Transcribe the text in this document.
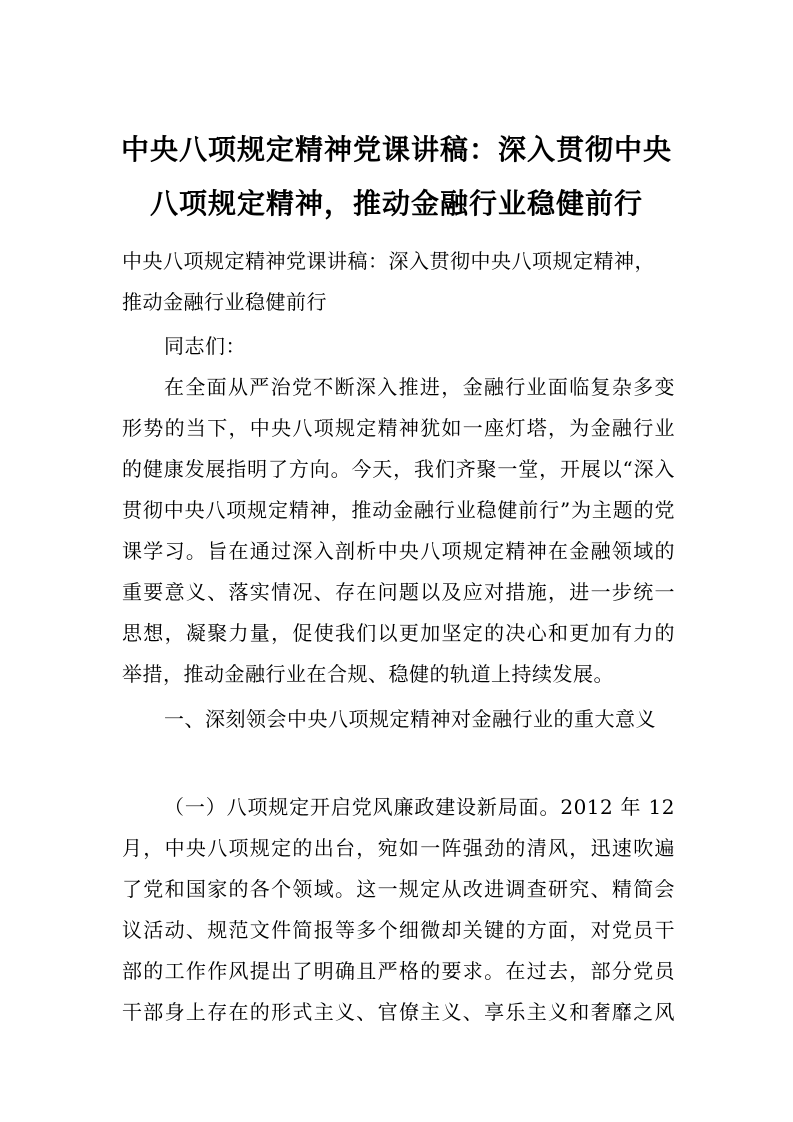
中央八项规定精神党课讲稿：深入贯彻中央
八项规定精神，推动金融行业稳健前行
中央八项规定精神党课讲稿：深入贯彻中央八项规定精神，
推动金融行业稳健前行
同志们：
在全面从严治党不断深入推进，金融行业面临复杂多变
形势的当下，中央八项规定精神犹如一座灯塔，为金融行业
的健康发展指明了方向。今天，我们齐聚一堂，开展以“深入
贯彻中央八项规定精神，推动金融行业稳健前行”为主题的党
课学习。旨在通过深入剖析中央八项规定精神在金融领域的
重要意义、落实情况、存在问题以及应对措施，进一步统一
思想，凝聚力量，促使我们以更加坚定的决心和更加有力的
举措，推动金融行业在合规、稳健的轨道上持续发展。
一、深刻领会中央八项规定精神对金融行业的重大意义
（一）八项规定开启党风廉政建设新局面。2012 年 12
月，中央八项规定的出台，宛如一阵强劲的清风，迅速吹遍
了党和国家的各个领域。这一规定从改进调查研究、精简会
议活动、规范文件简报等多个细微却关键的方面，对党员干
部的工作作风提出了明确且严格的要求。在过去，部分党员
干部身上存在的形式主义、官僚主义、享乐主义和奢靡之风
